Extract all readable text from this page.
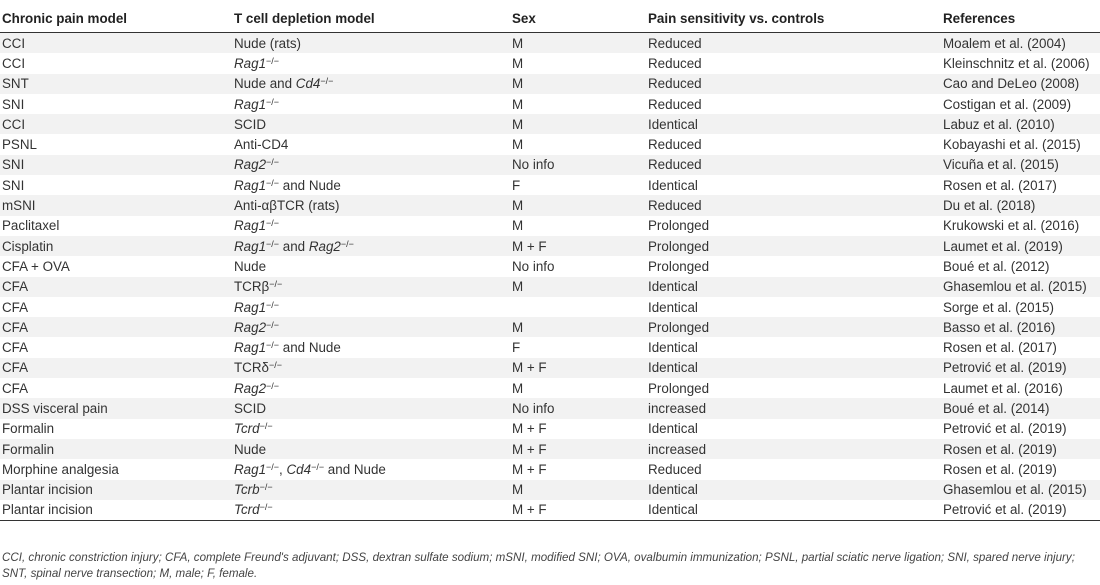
Chronic pain model	T cell depletion model	Sex	Pain sensitivity vs. controls	References
CCI	Nude (rats)	M	Reduced	Moalem et al. (2004)
CCI	Rag1−/−	M	Reduced	Kleinschnitz et al. (2006)
SNT	Nude and Cd4−/−	M	Reduced	Cao and DeLeo (2008)
SNI	Rag1−/−	M	Reduced	Costigan et al. (2009)
CCI	SCID	M	Identical	Labuz et al. (2010)
PSNL	Anti-CD4	M	Reduced	Kobayashi et al. (2015)
SNI	Rag2−/−	No info	Reduced	Vicuña et al. (2015)
SNI	Rag1−/− and Nude	F	Identical	Rosen et al. (2017)
mSNI	Anti-αβTCR (rats)	M	Reduced	Du et al. (2018)
Paclitaxel	Rag1−/−	M	Prolonged	Krukowski et al. (2016)
Cisplatin	Rag1−/− and Rag2−/−	M + F	Prolonged	Laumet et al. (2019)
CFA + OVA	Nude	No info	Prolonged	Boué et al. (2012)
CFA	TCRβ−/−	M	Identical	Ghasemlou et al. (2015)
CFA	Rag1−/−		Identical	Sorge et al. (2015)
CFA	Rag2−/−	M	Prolonged	Basso et al. (2016)
CFA	Rag1−/− and Nude	F	Identical	Rosen et al. (2017)
CFA	TCRδ−/−	M + F	Identical	Petrović et al. (2019)
CFA	Rag2−/−	M	Prolonged	Laumet et al. (2016)
DSS visceral pain	SCID	No info	increased	Boué et al. (2014)
Formalin	Tcrd−/−	M + F	Identical	Petrović et al. (2019)
Formalin	Nude	M + F	increased	Rosen et al. (2019)
Morphine analgesia	Rag1−/−, Cd4−/− and Nude	M + F	Reduced	Rosen et al. (2019)
Plantar incision	Tcrb−/−	M	Identical	Ghasemlou et al. (2015)
Plantar incision	Tcrd−/−	M + F	Identical	Petrović et al. (2019)
CCI, chronic constriction injury; CFA, complete Freund's adjuvant; DSS, dextran sulfate sodium; mSNI, modified SNI; OVA, ovalbumin immunization; PSNL, partial sciatic nerve ligation; SNI, spared nerve injury; SNT, spinal nerve transection; M, male; F, female.
